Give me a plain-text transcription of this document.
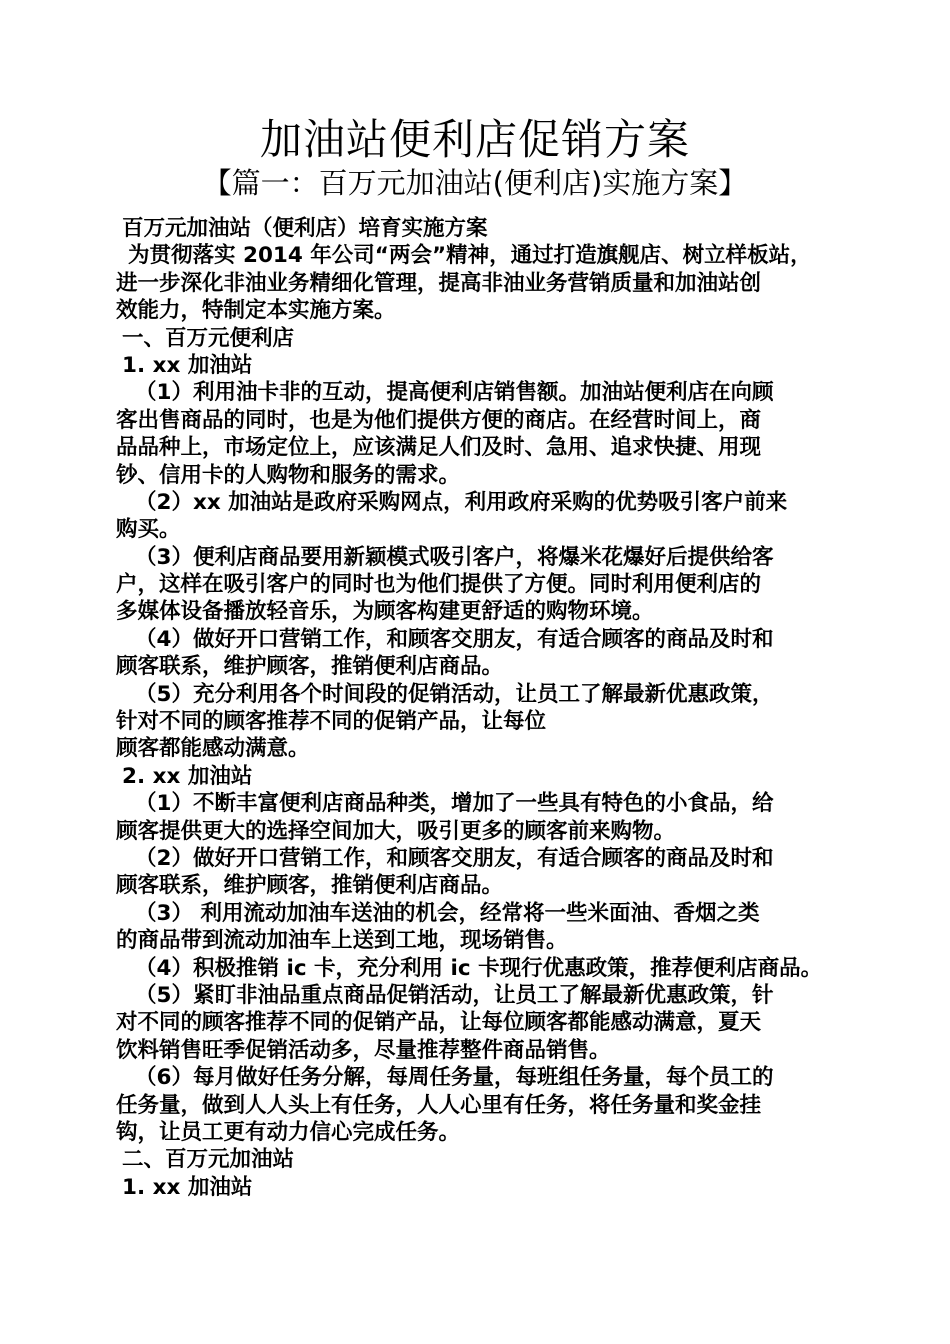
加油站便利店促销方案
【篇一：百万元加油站(便利店)实施方案】
百万元加油站（便利店）培育实施方案
为贯彻落实 2014 年公司“两会”精神，通过打造旗舰店、树立样板站，
进一步深化非油业务精细化管理，提高非油业务营销质量和加油站创
效能力，特制定本实施方案。
一、百万元便利店
1. xx 加油站
（1）利用油卡非的互动，提高便利店销售额。加油站便利店在向顾
客出售商品的同时，也是为他们提供方便的商店。在经营时间上，商
品品种上，市场定位上，应该满足人们及时、急用、追求快捷、用现
钞、信用卡的人购物和服务的需求。
（2）xx 加油站是政府采购网点，利用政府采购的优势吸引客户前来
购买。
（3）便利店商品要用新颖模式吸引客户，将爆米花爆好后提供给客
户，这样在吸引客户的同时也为他们提供了方便。同时利用便利店的
多媒体设备播放轻音乐，为顾客构建更舒适的购物环境。
（4）做好开口营销工作，和顾客交朋友，有适合顾客的商品及时和
顾客联系，维护顾客，推销便利店商品。
（5）充分利用各个时间段的促销活动，让员工了解最新优惠政策，
针对不同的顾客推荐不同的促销产品，让每位
顾客都能感动满意。
2. xx 加油站
（1）不断丰富便利店商品种类，增加了一些具有特色的小食品，给
顾客提供更大的选择空间加大，吸引更多的顾客前来购物。
（2）做好开口营销工作，和顾客交朋友，有适合顾客的商品及时和
顾客联系，维护顾客，推销便利店商品。
（3） 利用流动加油车送油的机会，经常将一些米面油、香烟之类
的商品带到流动加油车上送到工地，现场销售。
（4）积极推销 ic 卡，充分利用 ic 卡现行优惠政策，推荐便利店商品。
（5）紧盯非油品重点商品促销活动，让员工了解最新优惠政策，针
对不同的顾客推荐不同的促销产品，让每位顾客都能感动满意，夏天
饮料销售旺季促销活动多，尽量推荐整件商品销售。
（6）每月做好任务分解，每周任务量，每班组任务量，每个员工的
任务量，做到人人头上有任务，人人心里有任务，将任务量和奖金挂
钩，让员工更有动力信心完成任务。
二、百万元加油站
1. xx 加油站
